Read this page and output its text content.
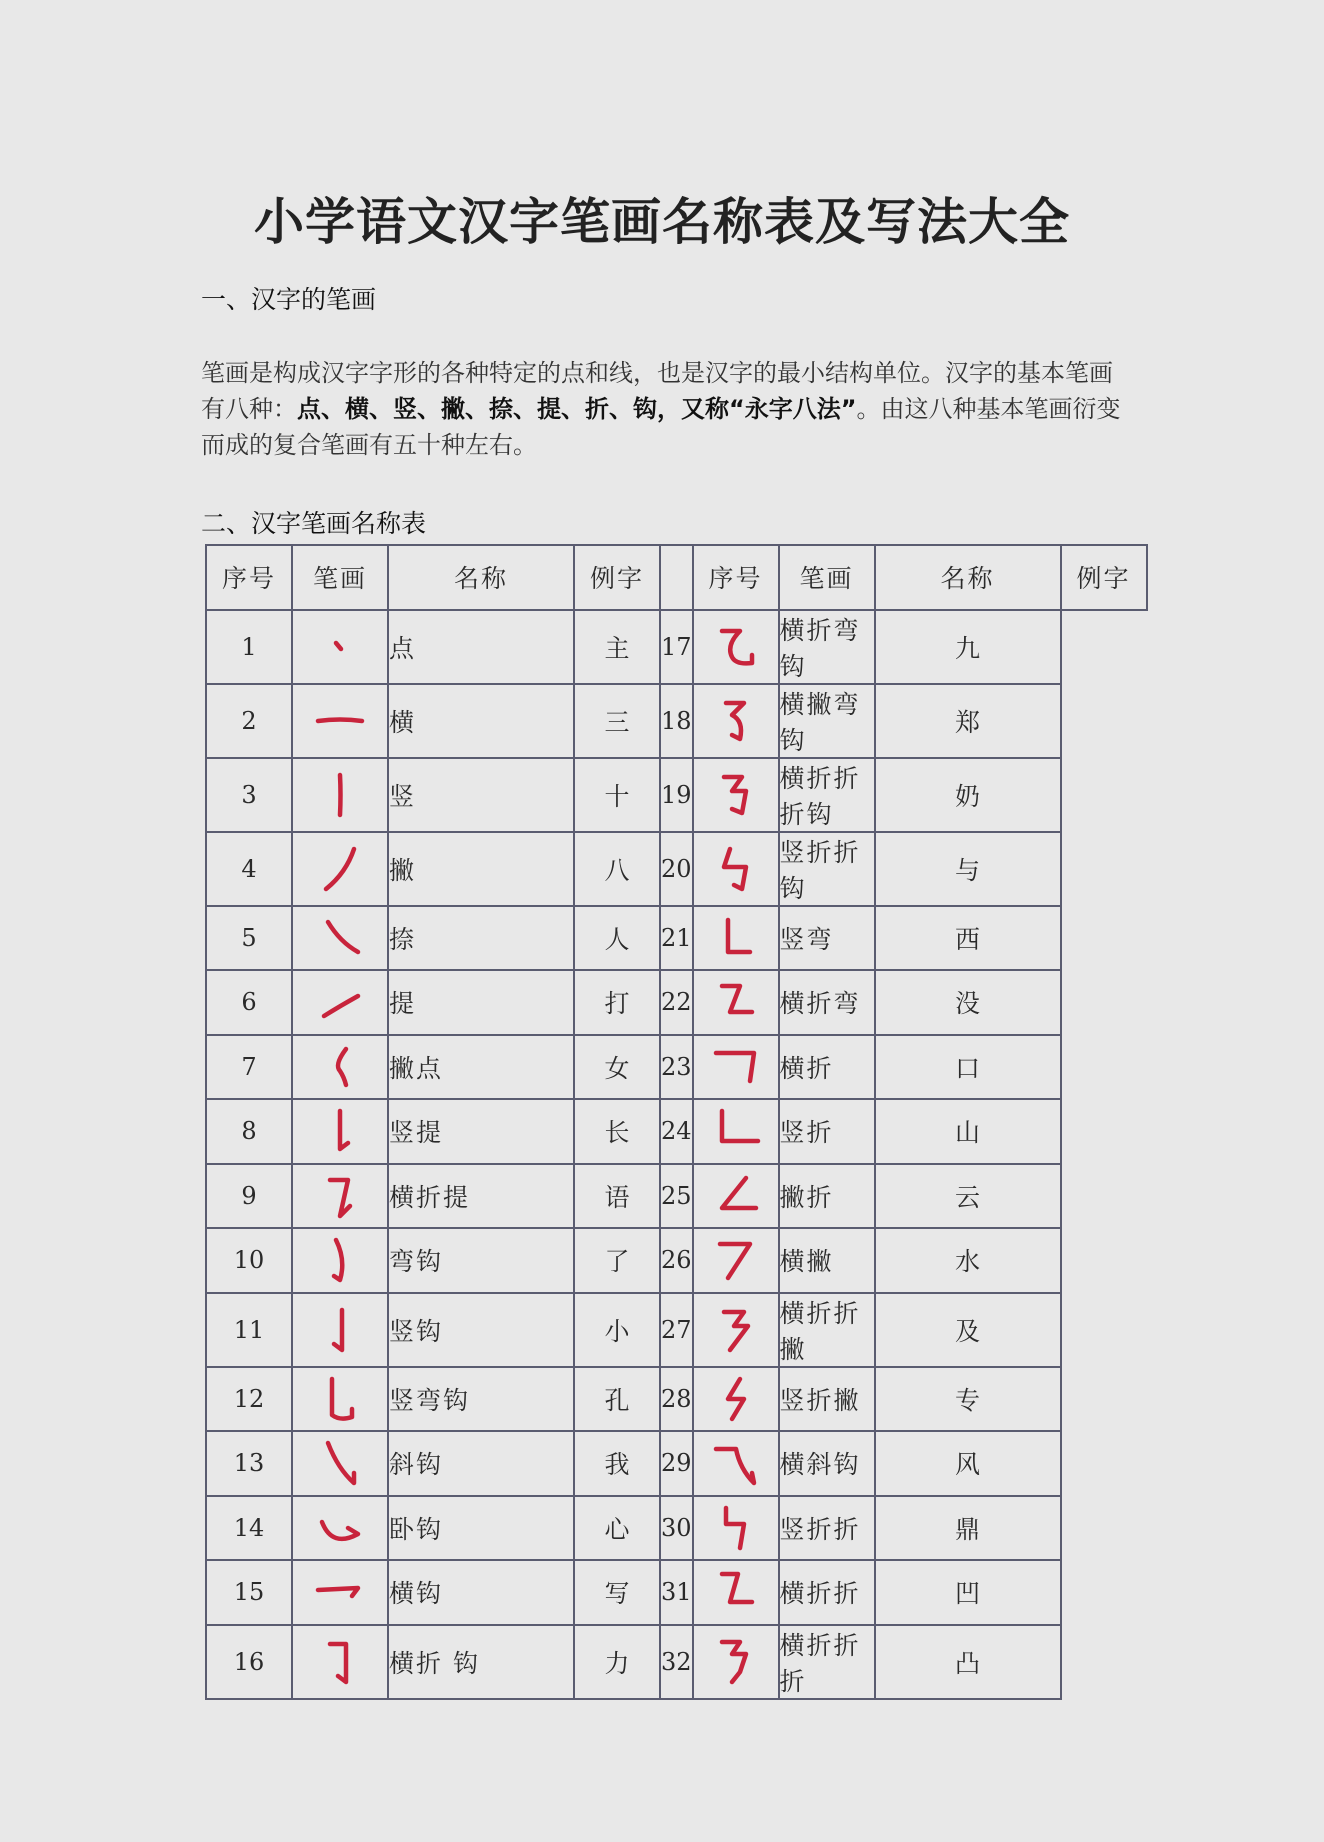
小学语文汉字笔画名称表及写法大全
一、汉字的笔画
笔画是构成汉字字形的各种特定的点和线，也是汉字的最小结构单位。汉字的基本笔画有八种：点、横、竖、撇、捺、提、折、钩，又称“永字八法”。由这八种基本笔画衍变而成的复合笔画有五十种左右。
二、汉字笔画名称表
序号	笔画	名称	例字		序号	笔画	名称	例字
1		点	主	17		横折弯钩	九	
2		横	三	18		横撇弯钩	郑	
3		竖	十	19		横折折折钩	奶	
4		撇	八	20		竖折折钩	与	
5		捺	人	21		竖弯	西	
6		提	打	22		横折弯	没	
7		撇点	女	23		横折	口	
8		竖提	长	24		竖折	山	
9		横折提	语	25		撇折	云	
10		弯钩	了	26		横撇	水	
11		竖钩	小	27		横折折撇	及	
12		竖弯钩	孔	28		竖折撇	专	
13		斜钩	我	29		横斜钩	风	
14		卧钩	心	30		竖折折	鼎	
15		横钩	写	31		横折折	凹	
16		横折 钩	力	32		横折折折	凸	
